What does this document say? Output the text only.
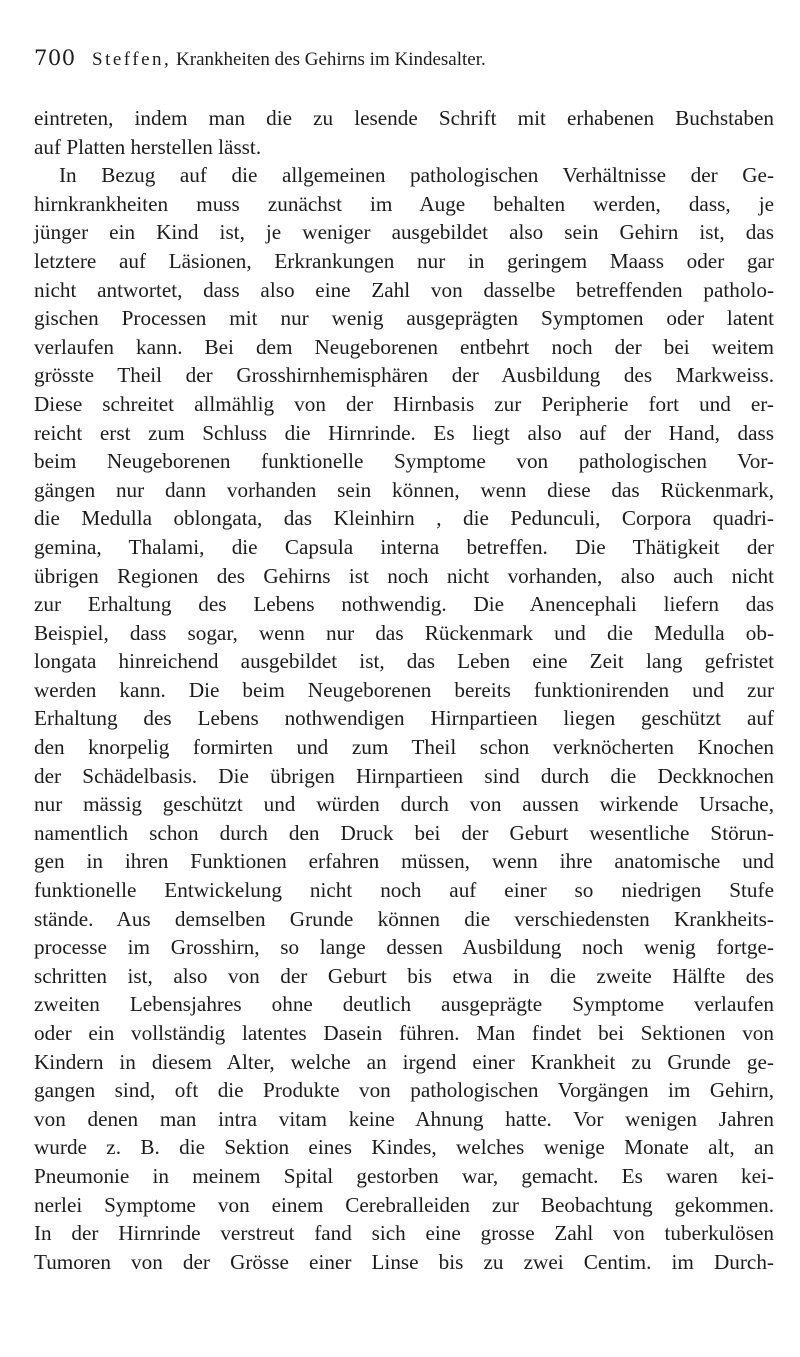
700 Steffen, Krankheiten des Gehirns im Kindesalter.
eintreten, indem man die zu lesende Schrift mit erhabenen Buchstaben
auf Platten herstellen lässt.
In Bezug auf die allgemeinen pathologischen Verhältnisse der Ge-
hirnkrankheiten muss zunächst im Auge behalten werden, dass, je
jünger ein Kind ist, je weniger ausgebildet also sein Gehirn ist, das
letztere auf Läsionen, Erkrankungen nur in geringem Maass oder gar
nicht antwortet, dass also eine Zahl von dasselbe betreffenden patholo-
gischen Processen mit nur wenig ausgeprägten Symptomen oder latent
verlaufen kann. Bei dem Neugeborenen entbehrt noch der bei weitem
grösste Theil der Grosshirnhemisphären der Ausbildung des Markweiss.
Diese schreitet allmählig von der Hirnbasis zur Peripherie fort und er-
reicht erst zum Schluss die Hirnrinde. Es liegt also auf der Hand, dass
beim Neugeborenen funktionelle Symptome von pathologischen Vor-
gängen nur dann vorhanden sein können, wenn diese das Rückenmark,
die Medulla oblongata, das Kleinhirn , die Pedunculi, Corpora quadri-
gemina, Thalami, die Capsula interna betreffen. Die Thätigkeit der
übrigen Regionen des Gehirns ist noch nicht vorhanden, also auch nicht
zur Erhaltung des Lebens nothwendig. Die Anencephali liefern das
Beispiel, dass sogar, wenn nur das Rückenmark und die Medulla ob-
longata hinreichend ausgebildet ist, das Leben eine Zeit lang gefristet
werden kann. Die beim Neugeborenen bereits funktionirenden und zur
Erhaltung des Lebens nothwendigen Hirnpartieen liegen geschützt auf
den knorpelig formirten und zum Theil schon verknöcherten Knochen
der Schädelbasis. Die übrigen Hirnpartieen sind durch die Deckknochen
nur mässig geschützt und würden durch von aussen wirkende Ursache,
namentlich schon durch den Druck bei der Geburt wesentliche Störun-
gen in ihren Funktionen erfahren müssen, wenn ihre anatomische und
funktionelle Entwickelung nicht noch auf einer so niedrigen Stufe
stände. Aus demselben Grunde können die verschiedensten Krankheits-
processe im Grosshirn, so lange dessen Ausbildung noch wenig fortge-
schritten ist, also von der Geburt bis etwa in die zweite Hälfte des
zweiten Lebensjahres ohne deutlich ausgeprägte Symptome verlaufen
oder ein vollständig latentes Dasein führen. Man findet bei Sektionen von
Kindern in diesem Alter, welche an irgend einer Krankheit zu Grunde ge-
gangen sind, oft die Produkte von pathologischen Vorgängen im Gehirn,
von denen man intra vitam keine Ahnung hatte. Vor wenigen Jahren
wurde z. B. die Sektion eines Kindes, welches wenige Monate alt, an
Pneumonie in meinem Spital gestorben war, gemacht. Es waren kei-
nerlei Symptome von einem Cerebralleiden zur Beobachtung gekommen.
In der Hirnrinde verstreut fand sich eine grosse Zahl von tuberkulösen
Tumoren von der Grösse einer Linse bis zu zwei Centim. im Durch-
